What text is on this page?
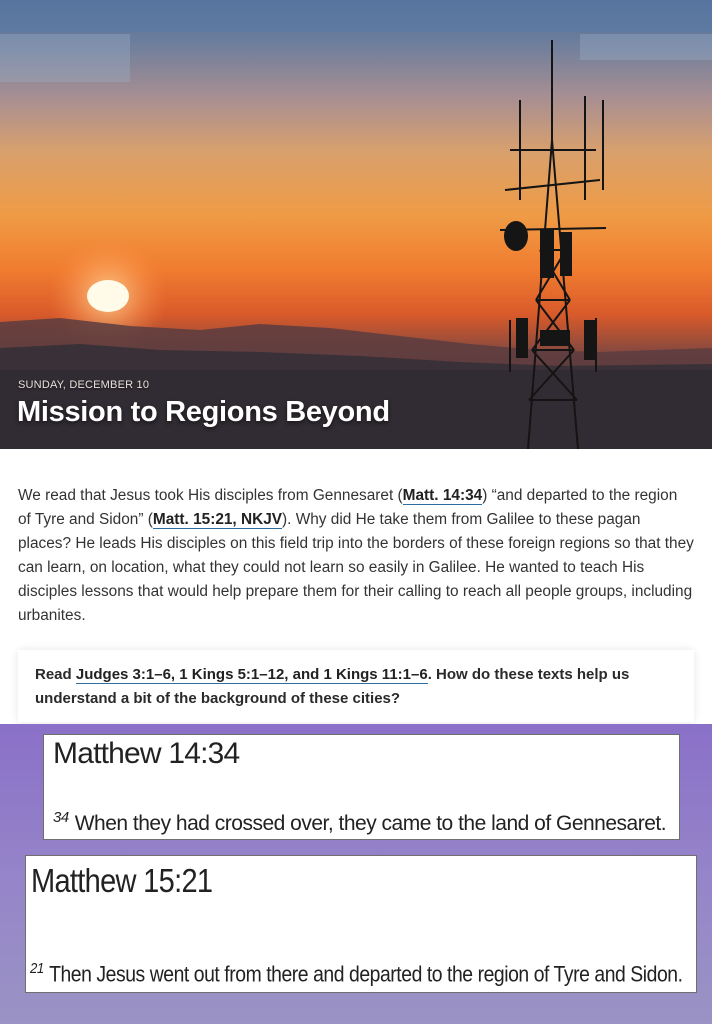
SUNDAY, DECEMBER 10
Mission to Regions Beyond

We read that Jesus took His disciples from Gennesaret (Matt. 14:34) “and departed to the region of Tyre and Sidon” (Matt. 15:21, NKJV). Why did He take them from Galilee to these pagan places? He leads His disciples on this field trip into the borders of these foreign regions so that they can learn, on location, what they could not learn so easily in Galilee. He wanted to teach His disciples lessons that would help prepare them for their calling to reach all people groups, including urbanites.

Read Judges 3:1–6, 1 Kings 5:1–12, and 1 Kings 11:1–6. How do these texts help us understand a bit of the background of these cities?

Matthew 14:34
$^{34}$ When they had crossed over, they came to the land of Gennesaret.
Matthew 15:21
$^{21}$ Then Jesus went out from there and departed to the region of Tyre and Sidon.
